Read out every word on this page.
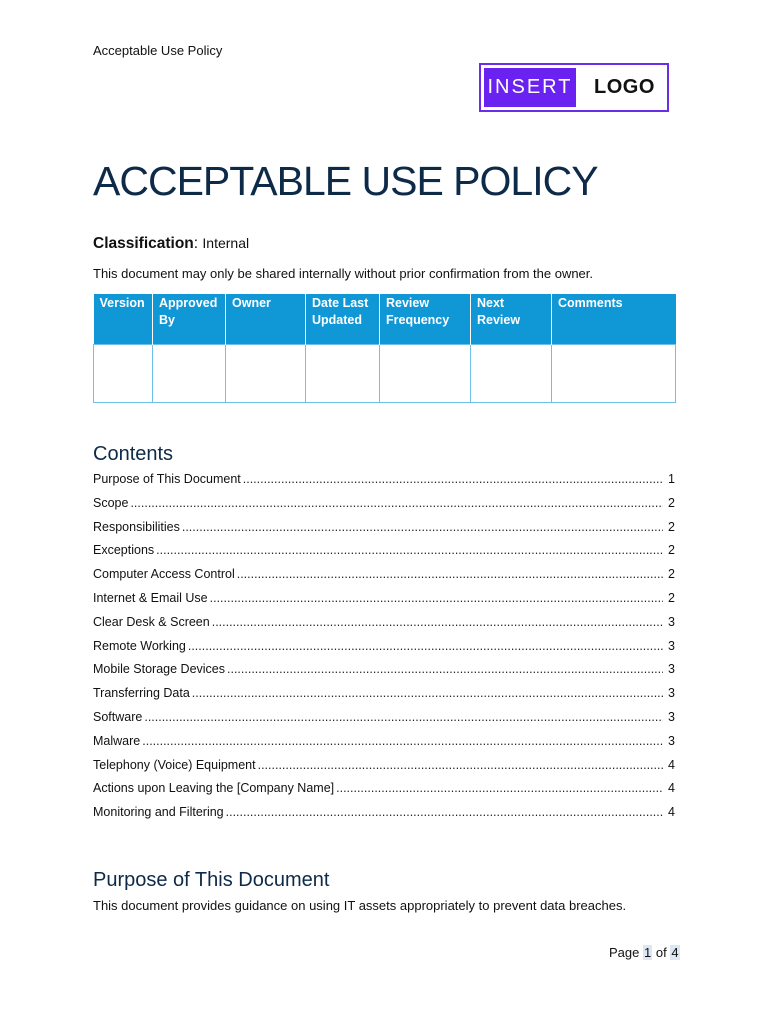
Acceptable Use Policy
INSERT LOGO
ACCEPTABLE USE POLICY
Classification: Internal
This document may only be shared internally without prior confirmation from the owner.
Version	Approved By	Owner	Date Last Updated	Review Frequency	Next Review	Comments

Contents
Purpose of This Document .....	1
Scope .....	2
Responsibilities .....	2
Exceptions .....	2
Computer Access Control .....	2
Internet & Email Use .....	2
Clear Desk & Screen .....	3
Remote Working .....	3
Mobile Storage Devices .....	3
Transferring Data .....	3
Software .....	3
Malware .....	3
Telephony (Voice) Equipment .....	4
Actions upon Leaving the [Company Name] .....	4
Monitoring and Filtering .....	4
Purpose of This Document
This document provides guidance on using IT assets appropriately to prevent data breaches.
Page 1 of 4
